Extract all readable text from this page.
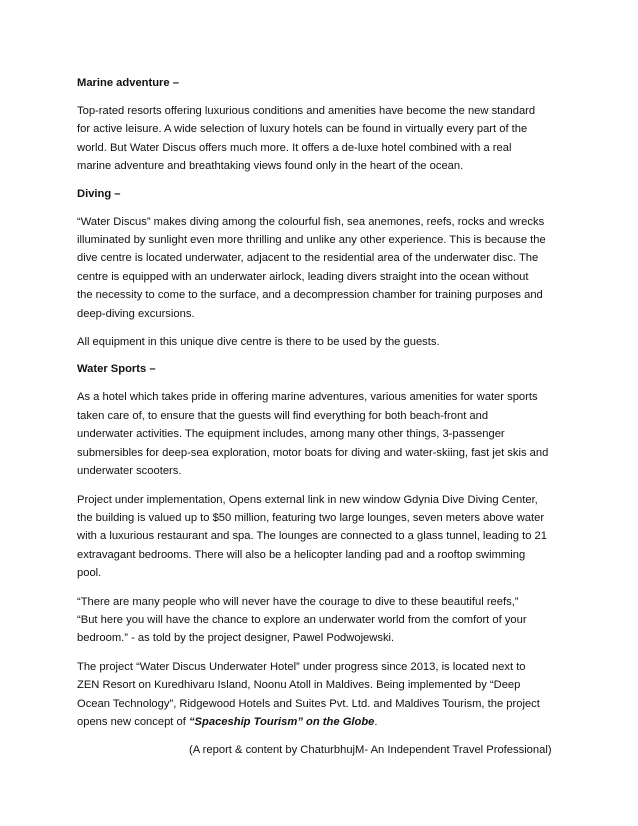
Marine adventure –
Top-rated resorts offering luxurious conditions and amenities have become the new standard
for active leisure. A wide selection of luxury hotels can be found in virtually every part of the
world. But Water Discus offers much more. It offers a de-luxe hotel combined with a real
marine adventure and breathtaking views found only in the heart of the ocean.
Diving –
“Water Discus” makes diving among the colourful fish, sea anemones, reefs, rocks and wrecks
illuminated by sunlight even more thrilling and unlike any other experience. This is because the
dive centre is located underwater, adjacent to the residential area of the underwater disc. The
centre is equipped with an underwater airlock, leading divers straight into the ocean without
the necessity to come to the surface, and a decompression chamber for training purposes and
deep-diving excursions.
All equipment in this unique dive centre is there to be used by the guests.
Water Sports –
As a hotel which takes pride in offering marine adventures, various amenities for water sports
taken care of, to ensure that the guests will find everything for both beach-front and
underwater activities. The equipment includes, among many other things, 3-passenger
submersibles for deep-sea exploration, motor boats for diving and water-skiing, fast jet skis and
underwater scooters.
Project under implementation, Opens external link in new window Gdynia Dive Diving Center,
the building is valued up to $50 million, featuring two large lounges, seven meters above water
with a luxurious restaurant and spa. The lounges are connected to a glass tunnel, leading to 21
extravagant bedrooms. There will also be a helicopter landing pad and a rooftop swimming
pool.
“There are many people who will never have the courage to dive to these beautiful reefs,”
“But here you will have the chance to explore an underwater world from the comfort of your
bedroom.” - as told by the project designer, Pawel Podwojewski.
The project “Water Discus Underwater Hotel” under progress since 2013, is located next to
ZEN Resort on Kuredhivaru Island, Noonu Atoll in Maldives. Being implemented by “Deep
Ocean Technology”, Ridgewood Hotels and Suites Pvt. Ltd. and Maldives Tourism, the project
opens new concept of “Spaceship Tourism” on the Globe.
(A report & content by ChaturbhujM- An Independent Travel Professional)
